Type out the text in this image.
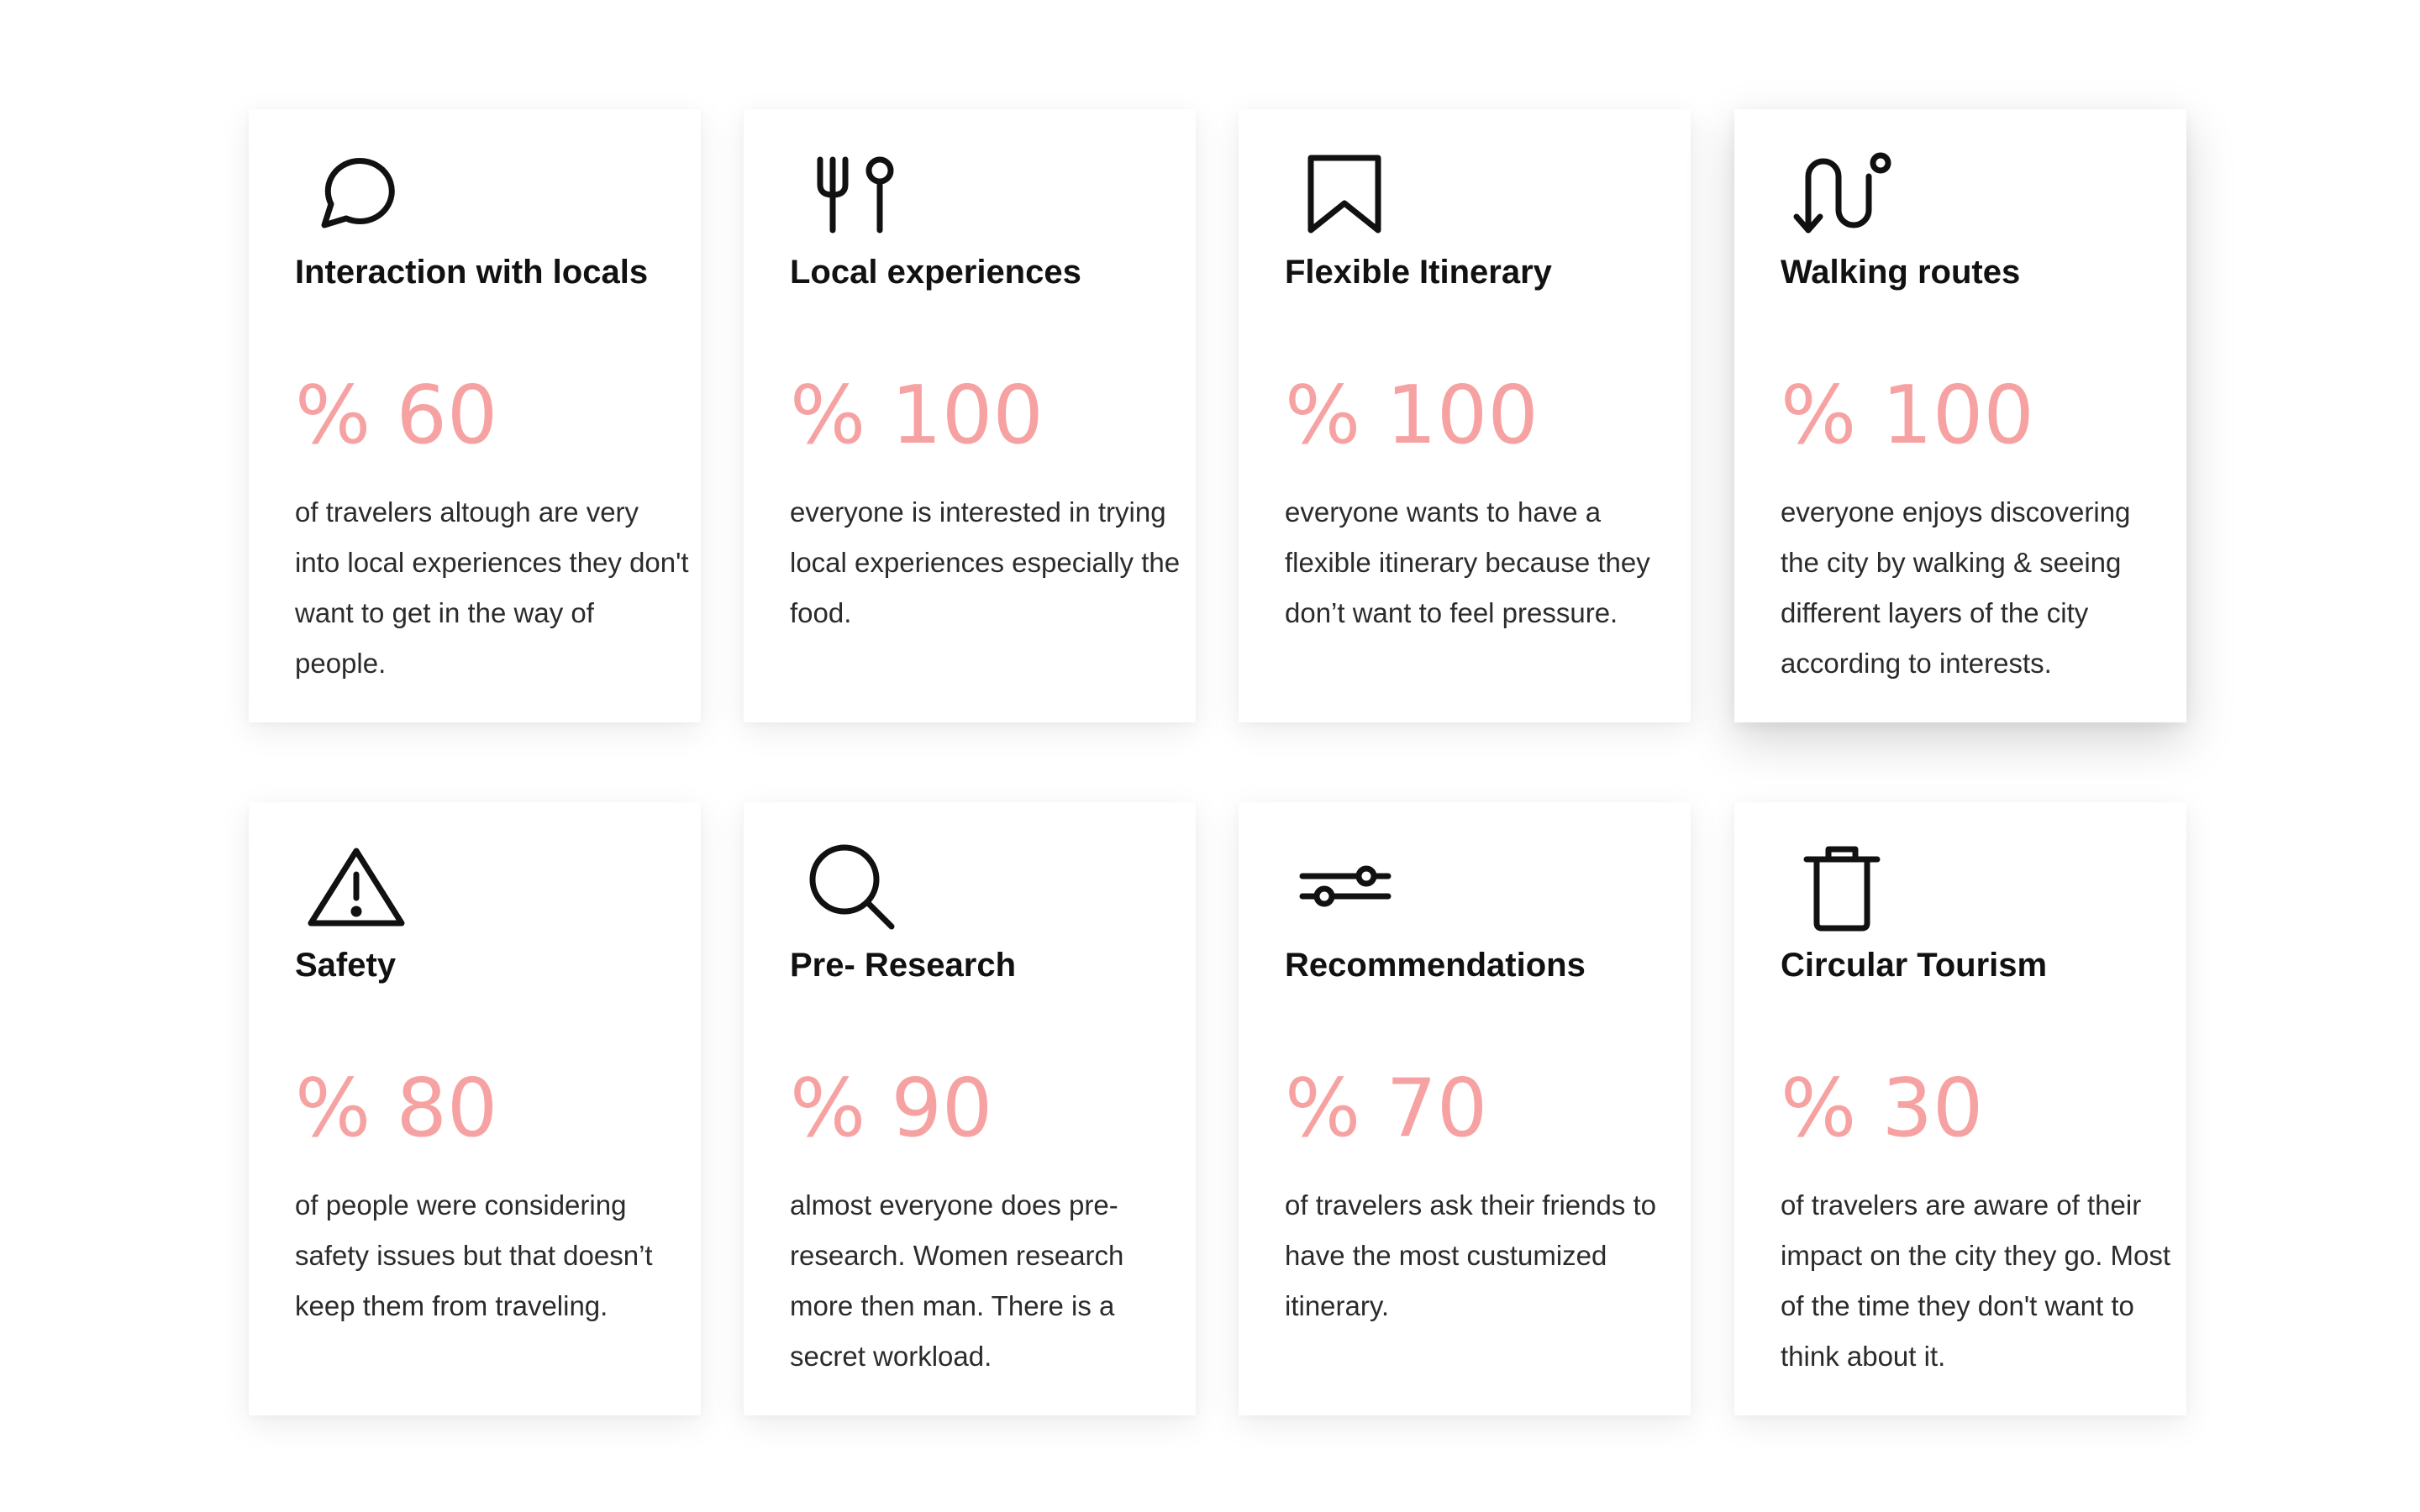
Interaction with locals
% 60
of travelers altough are very into local experiences they don't want to get in the way of people.
Local experiences
% 100
everyone is interested in trying local experiences especially the food.
Flexible Itinerary
% 100
everyone wants to have a flexible itinerary because they don’t want to feel pressure.
Walking routes
% 100
everyone enjoys discovering the city by walking & seeing different layers of the city according to interests.
Safety
% 80
of people were considering safety issues but that doesn’t keep them from traveling.
Pre- Research
% 90
almost everyone does pre-research. Women research more then man. There is a secret workload.
Recommendations
% 70
of travelers ask their friends to have the most custumized itinerary.
Circular Tourism
% 30
of travelers are aware of their impact on the city they go. Most of the time they don't want to think about it.
